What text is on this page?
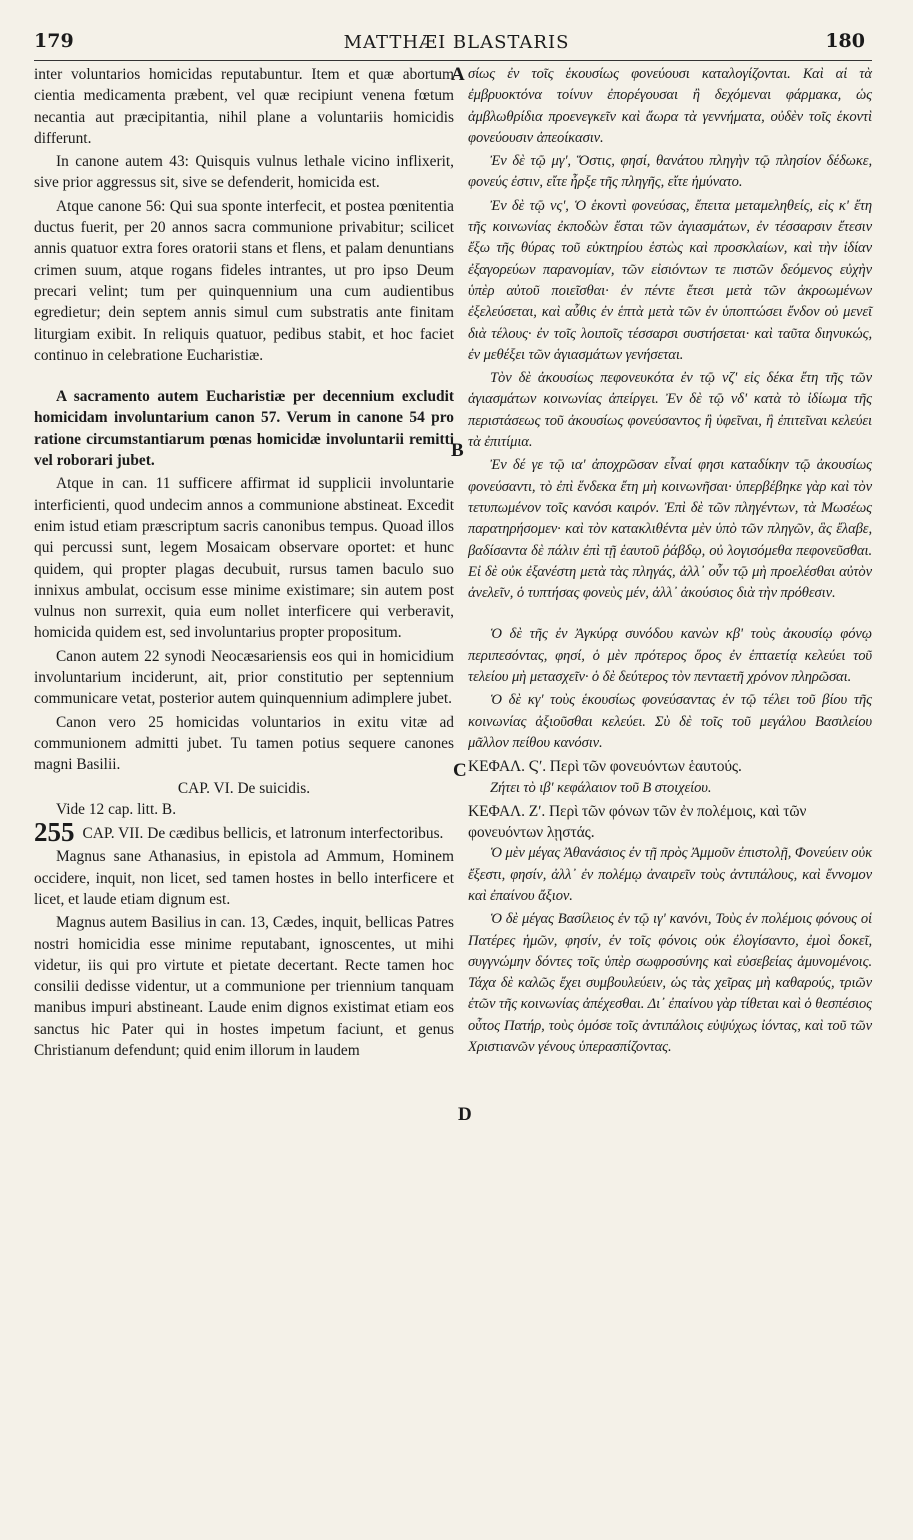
179	MATTHÆI BLASTARIS	180
A
B
C
D

inter voluntarios homicidas reputabuntur. Item et quæ abortum cientia medicamenta præbent, vel quæ recipiunt venena fœtum necantia aut præcipitantia, nihil plane a voluntariis homicidis differunt.

In canone autem 43: Quisquis vulnus lethale vicino inflixerit, sive prior aggressus sit, sive se defenderit, homicida est.

Atque canone 56: Qui sua sponte interfecit, et postea pœnitentia ductus fuerit, per 20 annos sacra communione privabitur; scilicet annis quatuor extra fores oratorii stans et flens, et palam denuntians crimen suum, atque rogans fideles intrantes, ut pro ipso Deum precari velint; tum per quinquennium una cum audientibus egredietur; dein septem annis simul cum substratis ante finitam liturgiam exibit. In reliquis quatuor, pedibus stabit, et hoc faciet continuo in celebratione Eucharistiæ.

A sacramento autem Eucharistiæ per decennium excludit homicidam involuntarium canon 57. Verum in canone 54 pro ratione circumstantiarum pœnas homicidæ involuntarii remitti vel roborari jubet.

Atque in can. 11 sufficere affirmat id supplicii involuntarie interficienti, quod undecim annos a communione abstineat. Excedit enim istud etiam præscriptum sacris canonibus tempus. Quoad illos qui percussi sunt, legem Mosaicam observare oportet: et hunc quidem, qui propter plagas decubuit, rursus tamen baculo suo innixus ambulat, occisum esse minime existimare; sin autem post vulnus non surrexit, quia eum nollet interficere qui verberavit, homicida quidem est, sed involuntarius propter propositum.

Canon autem 22 synodi Neocæsariensis eos qui in homicidium involuntarium inciderunt, ait, prior constitutio per septennium communicare vetat, posterior autem quinquennium adimplere jubet.

Canon vero 25 homicidas voluntarios in exitu vitæ ad communionem admitti jubet. Tu tamen potius sequere canones magni Basilii.

CAP. VI. De suicidis.

Vide 12 cap. litt. B.

255 CAP. VII. De cædibus bellicis, et latronum interfectoribus.

Magnus sane Athanasius, in epistola ad Ammum, Hominem occidere, inquit, non licet, sed tamen hostes in bello interficere et licet, et laude etiam dignum est.

Magnus autem Basilius in can. 13, Cædes, inquit, bellicas Patres nostri homicidia esse minime reputabant, ignoscentes, ut mihi videtur, iis qui pro virtute et pietate decertant. Recte tamen hoc consilii dedisse videntur, ut a communione per triennium tanquam manibus impuri abstineant. Laude enim dignos existimat etiam eos sanctus hic Pater qui in hostes impetum faciunt, et genus Christianum defendunt; quid enim illorum in laudem

σίως ἐν τοῖς ἑκουσίως φονεύουσι καταλογίζονται. Καὶ αἱ τὰ ἐμβρυοκτόνα τοίνυν ἐπορέγουσαι ἢ δεχόμεναι φάρμακα, ὡς ἀμβλωθρίδια προενεγκεῖν καὶ ἄωρα τὰ γεννήματα, οὐδὲν τοῖς ἑκοντὶ φονεύουσιν ἀπεοίκασιν.

Ἐν δὲ τῷ μγʹ, Ὅστις, φησί, θανάτου πληγὴν τῷ πλησίον δέδωκε, φονεύς ἐστιν, εἴτε ἦρξε τῆς πληγῆς, εἴτε ἠμύνατο.

Ἐν δὲ τῷ νςʹ, Ὁ ἑκοντὶ φονεύσας, ἔπειτα μεταμεληθείς, εἰς κʹ ἔτη τῆς κοινωνίας ἐκποδὼν ἔσται τῶν ἁγιασμάτων, ἐν τέσσαρσιν ἔτεσιν ἔξω τῆς θύρας τοῦ εὐκτηρίου ἑστὼς καὶ προσκλαίων, καὶ τὴν ἰδίαν ἐξαγορεύων παρανομίαν, τῶν εἰσιόντων τε πιστῶν δεόμενος εὐχὴν ὑπὲρ αὐτοῦ ποιεῖσθαι· ἐν πέντε ἔτεσι μετὰ τῶν ἀκροωμένων ἐξελεύσεται, καὶ αὖθις ἐν ἑπτὰ μετὰ τῶν ἐν ὑποπτώσει ἔνδον οὐ μενεῖ διὰ τέλους· ἐν τοῖς λοιποῖς τέσσαρσι συστήσεται· καὶ ταῦτα διηνυκώς, ἐν μεθέξει τῶν ἁγιασμάτων γενήσεται.

Τὸν δὲ ἀκουσίως πεφονευκότα ἐν τῷ νζʹ εἰς δέκα ἔτη τῆς τῶν ἁγιασμάτων κοινωνίας ἀπείργει. Ἐν δὲ τῷ νδʹ κατὰ τὸ ἰδίωμα τῆς περιστάσεως τοῦ ἀκουσίως φονεύσαντος ἢ ὑφεῖναι, ἢ ἐπιτεῖναι κελεύει τὰ ἐπιτίμια.

Ἐν δέ γε τῷ ιαʹ ἀποχρῶσαν εἶναί φησι καταδίκην τῷ ἀκουσίως φονεύσαντι, τὸ ἐπὶ ἕνδεκα ἔτη μὴ κοινωνῆσαι· ὑπερβέβηκε γὰρ καὶ τὸν τετυπωμένον τοῖς κανόσι καιρόν. Ἐπὶ δὲ τῶν πληγέντων, τὰ Μωσέως παρατηρήσομεν· καὶ τὸν κατακλιθέντα μὲν ὑπὸ τῶν πληγῶν, ἃς ἔλαβε, βαδίσαντα δὲ πάλιν ἐπὶ τῇ ἑαυτοῦ ῥάβδῳ, οὐ λογισόμεθα πεφονεῦσθαι. Εἰ δὲ οὐκ ἐξανέστη μετὰ τὰς πληγάς, ἀλλ᾽ οὖν τῷ μὴ προελέσθαι αὐτὸν ἀνελεῖν, ὁ τυπτήσας φονεὺς μέν, ἀλλ᾽ ἀκούσιος διὰ τὴν πρόθεσιν.

Ὁ δὲ τῆς ἐν Ἀγκύρᾳ συνόδου κανὼν κβʹ τοὺς ἀκουσίῳ φόνῳ περιπεσόντας, φησί, ὁ μὲν πρότερος ὅρος ἐν ἑπταετίᾳ κελεύει τοῦ τελείου μὴ μετασχεῖν· ὁ δὲ δεύτερος τὸν πενταετῆ χρόνον πληρῶσαι.

Ὁ δὲ κγʹ τοὺς ἑκουσίως φονεύσαντας ἐν τῷ τέλει τοῦ βίου τῆς κοινωνίας ἀξιοῦσθαι κελεύει. Σὺ δὲ τοῖς τοῦ μεγάλου Βασιλείου μᾶλλον πείθου κανόσιν.

ΚΕΦΑΛ. Ϛʹ. Περὶ τῶν φονευόντων ἑαυτούς.

Ζήτει τὸ ιβʹ κεφάλαιον τοῦ Β στοιχείου.

ΚΕΦΑΛ. Ζʹ. Περὶ τῶν φόνων τῶν ἐν πολέμοις, καὶ τῶν φονευόντων λῃστάς.

Ὁ μὲν μέγας Ἀθανάσιος ἐν τῇ πρὸς Ἀμμοῦν ἐπιστολῇ, Φονεύειν οὐκ ἔξεστι, φησίν, ἀλλ᾽ ἐν πολέμῳ ἀναιρεῖν τοὺς ἀντιπάλους, καὶ ἔννομον καὶ ἐπαίνου ἄξιον.

Ὁ δὲ μέγας Βασίλειος ἐν τῷ ιγʹ κανόνι, Τοὺς ἐν πολέμοις φόνους οἱ Πατέρες ἡμῶν, φησίν, ἐν τοῖς φόνοις οὐκ ἐλογίσαντο, ἐμοὶ δοκεῖ, συγγνώμην δόντες τοῖς ὑπὲρ σωφροσύνης καὶ εὐσεβείας ἀμυνομένοις. Τάχα δὲ καλῶς ἔχει συμβουλεύειν, ὡς τὰς χεῖρας μὴ καθαρούς, τριῶν ἐτῶν τῆς κοινωνίας ἀπέχεσθαι. Δι᾽ ἐπαίνου γὰρ τίθεται καὶ ὁ θεσπέσιος οὗτος Πατήρ, τοὺς ὁμόσε τοῖς ἀντιπάλοις εὐψύχως ἰόντας, καὶ τοῦ τῶν Χριστιανῶν γένους ὑπερασπίζοντας.
